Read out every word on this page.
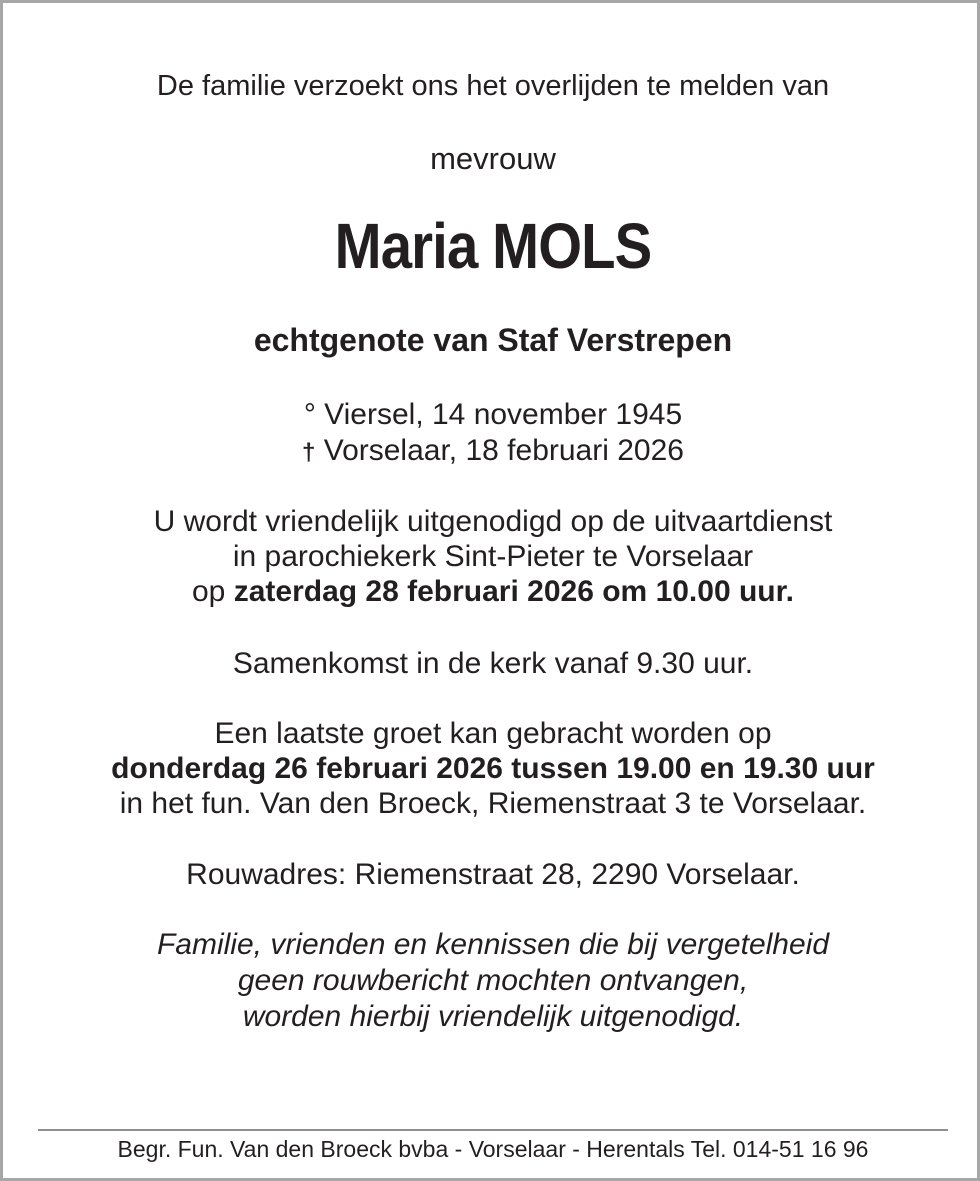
De familie verzoekt ons het overlijden te melden van
mevrouw
Maria MOLS
echtgenote van Staf Verstrepen
° Viersel, 14 november 1945
† Vorselaar, 18 februari 2026
U wordt vriendelijk uitgenodigd op de uitvaartdienst
in parochiekerk Sint-Pieter te Vorselaar
op zaterdag 28 februari 2026 om 10.00 uur.
Samenkomst in de kerk vanaf 9.30 uur.
Een laatste groet kan gebracht worden op
donderdag 26 februari 2026 tussen 19.00 en 19.30 uur
in het fun. Van den Broeck, Riemenstraat 3 te Vorselaar.
Rouwadres: Riemenstraat 28, 2290 Vorselaar.
Familie, vrienden en kennissen die bij vergetelheid
geen rouwbericht mochten ontvangen,
worden hierbij vriendelijk uitgenodigd.
Begr. Fun. Van den Broeck bvba - Vorselaar - Herentals Tel. 014-51 16 96
